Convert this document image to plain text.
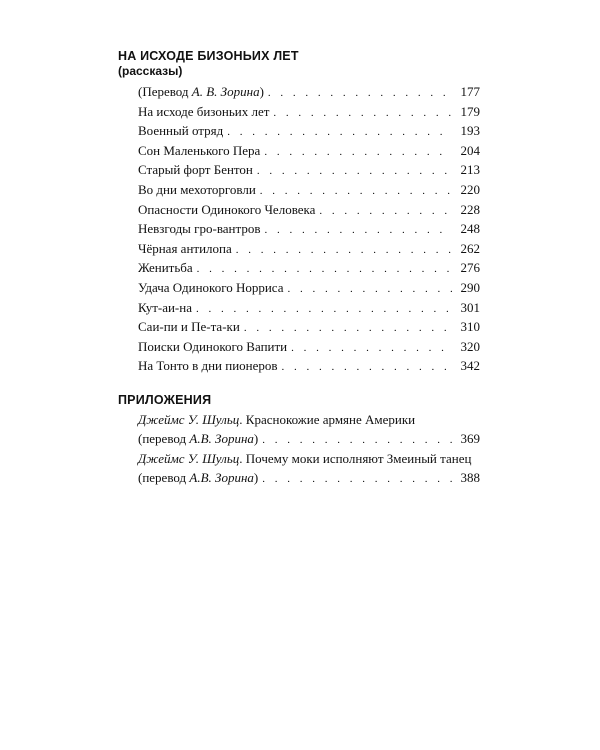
НА ИСХОДЕ БИЗОНЬИХ ЛЕТ
(рассказы)
(Перевод А. В. Зорина) . . .	177
На исходе бизоньих лет . . .	179
Военный отряд . . .	193
Сон Маленького Пера . . .	204
Старый форт Бентон . . .	213
Во дни мехоторговли . . .	220
Опасности Одинокого Человека . . .	228
Невзгоды гро-вантров . . .	248
Чёрная антилопа . . .	262
Женитьба . . .	276
Удача Одинокого Норриса . . .	290
Кут-аи-на . . .	301
Саи-пи и Пе-та-ки . . .	310
Поиски Одинокого Вапити . . .	320
На Тонто в дни пионеров . . .	342
ПРИЛОЖЕНИЯ
Джеймс У. Шульц. Краснокожие армяне Америки
(перевод А.В. Зорина) . . .	369
Джеймс У. Шульц. Почему моки исполняют Змеиный танец
(перевод А.В. Зорина) . . .	388
